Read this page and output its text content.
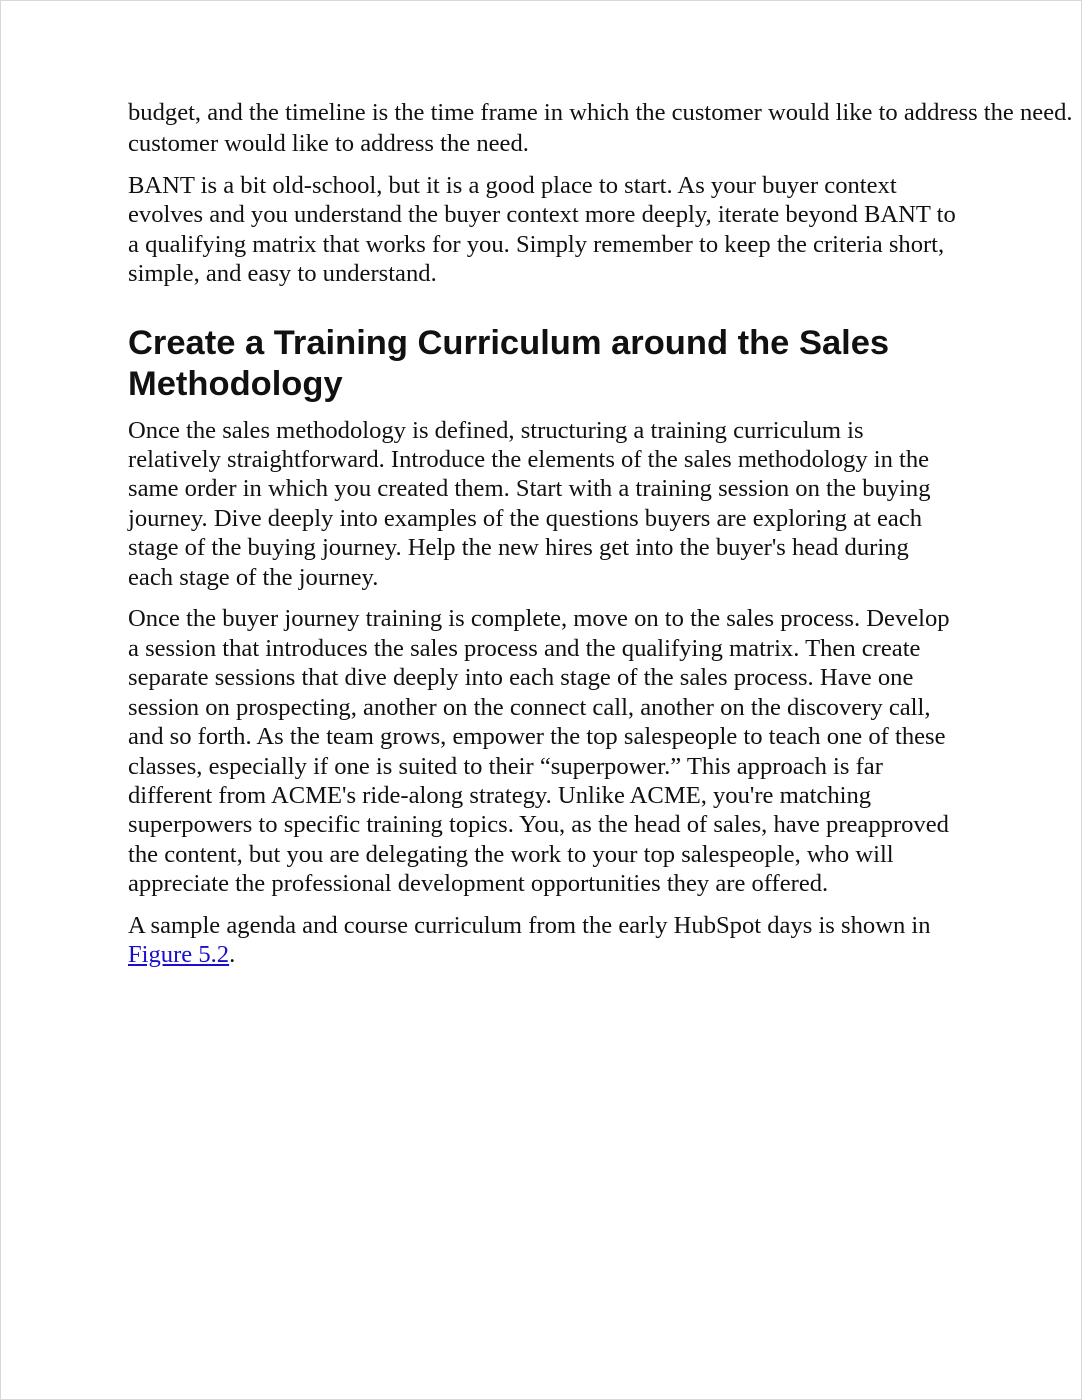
budget, and the timeline is the time frame in which the customer would like to address the need.

customer would like to address the need.

BANT is a bit old-school, but it is a good place to start. As your buyer context evolves and you understand the buyer context more deeply, iterate beyond BANT to a qualifying matrix that works for you. Simply remember to keep the criteria short, simple, and easy to understand.

Create a Training Curriculum around the Sales Methodology

Once the sales methodology is defined, structuring a training curriculum is relatively straightforward. Introduce the elements of the sales methodology in the same order in which you created them. Start with a training session on the buying journey. Dive deeply into examples of the questions buyers are exploring at each stage of the buying journey. Help the new hires get into the buyer's head during each stage of the journey.

Once the buyer journey training is complete, move on to the sales process. Develop a session that introduces the sales process and the qualifying matrix. Then create separate sessions that dive deeply into each stage of the sales process. Have one session on prospecting, another on the connect call, another on the discovery call, and so forth. As the team grows, empower the top salespeople to teach one of these classes, especially if one is suited to their “superpower.” This approach is far different from ACME's ride-along strategy. Unlike ACME, you're matching superpowers to specific training topics. You, as the head of sales, have preapproved the content, but you are delegating the work to your top salespeople, who will appreciate the professional development opportunities they are offered.

A sample agenda and course curriculum from the early HubSpot days is shown in Figure 5.2.
